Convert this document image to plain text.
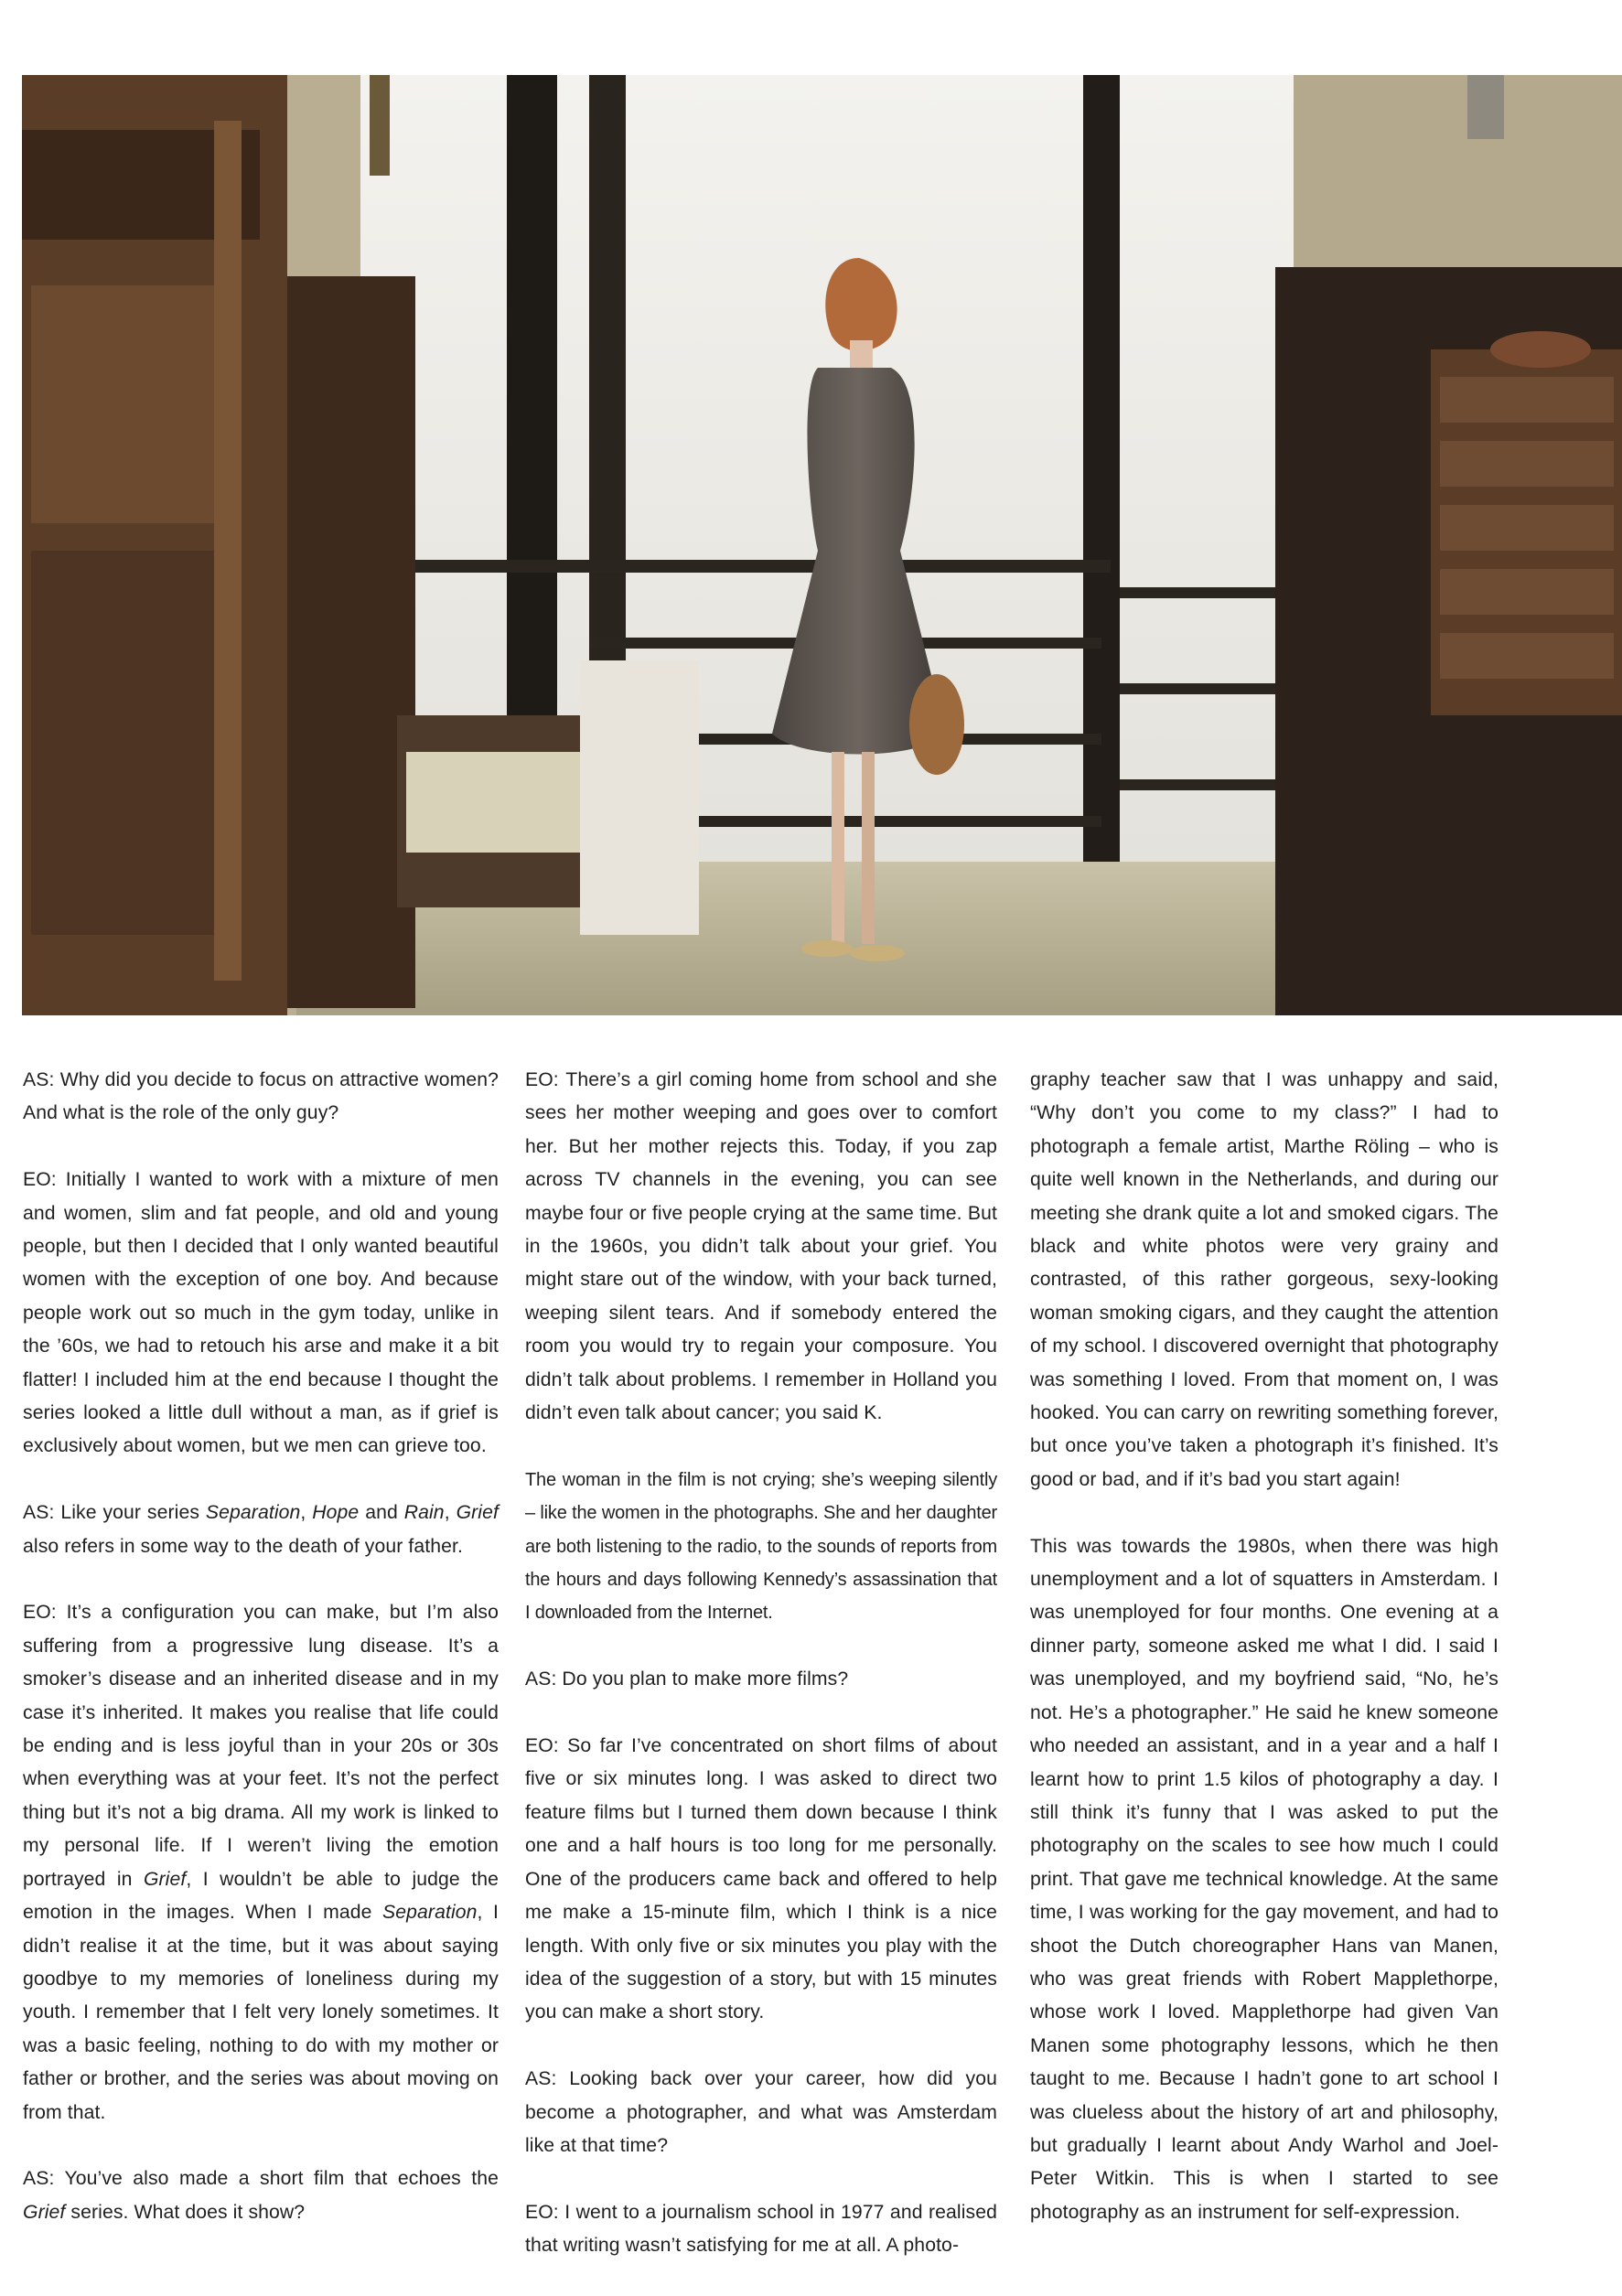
AS: Why did you decide to focus on attractive women? And what is the role of the only guy?

EO: Initially I wanted to work with a mixture of men and women, slim and fat people, and old and young people, but then I decided that I only wanted beautiful women with the exception of one boy. And because people work out so much in the gym today, unlike in the ’60s, we had to retouch his arse and make it a bit flatter! I included him at the end because I thought the series looked a little dull without a man, as if grief is exclusively about women, but we men can grieve too.

AS: Like your series Separation, Hope and Rain, Grief also refers in some way to the death of your father.

EO: It’s a configuration you can make, but I’m also suffering from a progressive lung disease. It’s a smoker’s disease and an inherited disease and in my case it’s inherited. It makes you realise that life could be ending and is less joyful than in your 20s or 30s when everything was at your feet. It’s not the perfect thing but it’s not a big drama. All my work is linked to my personal life. If I weren’t living the emotion portrayed in Grief, I wouldn’t be able to judge the emotion in the images. When I made Separation, I didn’t realise it at the time, but it was about saying goodbye to my memories of loneliness during my youth. I remember that I felt very lonely sometimes. It was a basic feeling, nothing to do with my mother or father or brother, and the series was about moving on from that.

AS: You’ve also made a short film that echoes the Grief series. What does it show?

EO: There’s a girl coming home from school and she sees her mother weeping and goes over to comfort her. But her mother rejects this. Today, if you zap across TV channels in the evening, you can see maybe four or five people crying at the same time. But in the 1960s, you didn’t talk about your grief. You might stare out of the window, with your back turned, weeping silent tears. And if somebody entered the room you would try to regain your composure. You didn’t talk about problems. I remember in Holland you didn’t even talk about cancer; you said K.

The woman in the film is not crying; she’s weeping silently – like the women in the photographs. She and her daughter are both listening to the radio, to the sounds of reports from the hours and days following Kennedy’s assassination that I downloaded from the Internet.

AS: Do you plan to make more films?

EO: So far I’ve concentrated on short films of about five or six minutes long. I was asked to direct two feature films but I turned them down because I think one and a half hours is too long for me personally. One of the producers came back and offered to help me make a 15-minute film, which I think is a nice length. With only five or six minutes you play with the idea of the suggestion of a story, but with 15 minutes you can make a short story.

AS: Looking back over your career, how did you become a photographer, and what was Amsterdam like at that time?

EO: I went to a journalism school in 1977 and realised that writing wasn’t satisfying for me at all. A photo-

graphy teacher saw that I was unhappy and said, “Why don’t you come to my class?” I had to photograph a female artist, Marthe Röling – who is quite well known in the Netherlands, and during our meeting she drank quite a lot and smoked cigars. The black and white photos were very grainy and contrasted, of this rather gorgeous, sexy-looking woman smoking cigars, and they caught the attention of my school. I discovered overnight that photography was something I loved. From that moment on, I was hooked. You can carry on rewriting something forever, but once you’ve taken a photograph it’s finished. It’s good or bad, and if it’s bad you start again!

This was towards the 1980s, when there was high unemployment and a lot of squatters in Amsterdam. I was unemployed for four months. One evening at a dinner party, someone asked me what I did. I said I was unemployed, and my boyfriend said, “No, he’s not. He’s a photographer.” He said he knew someone who needed an assistant, and in a year and a half I learnt how to print 1.5 kilos of photography a day. I still think it’s funny that I was asked to put the photography on the scales to see how much I could print. That gave me technical knowledge. At the same time, I was working for the gay movement, and had to shoot the Dutch choreographer Hans van Manen, who was great friends with Robert Mapplethorpe, whose work I loved. Mapplethorpe had given Van Manen some photography lessons, which he then taught to me. Because I hadn’t gone to art school I was clueless about the history of art and philosophy, but gradually I learnt about Andy Warhol and Joel-Peter Witkin. This is when I started to see photography as an instrument for self-expression.
